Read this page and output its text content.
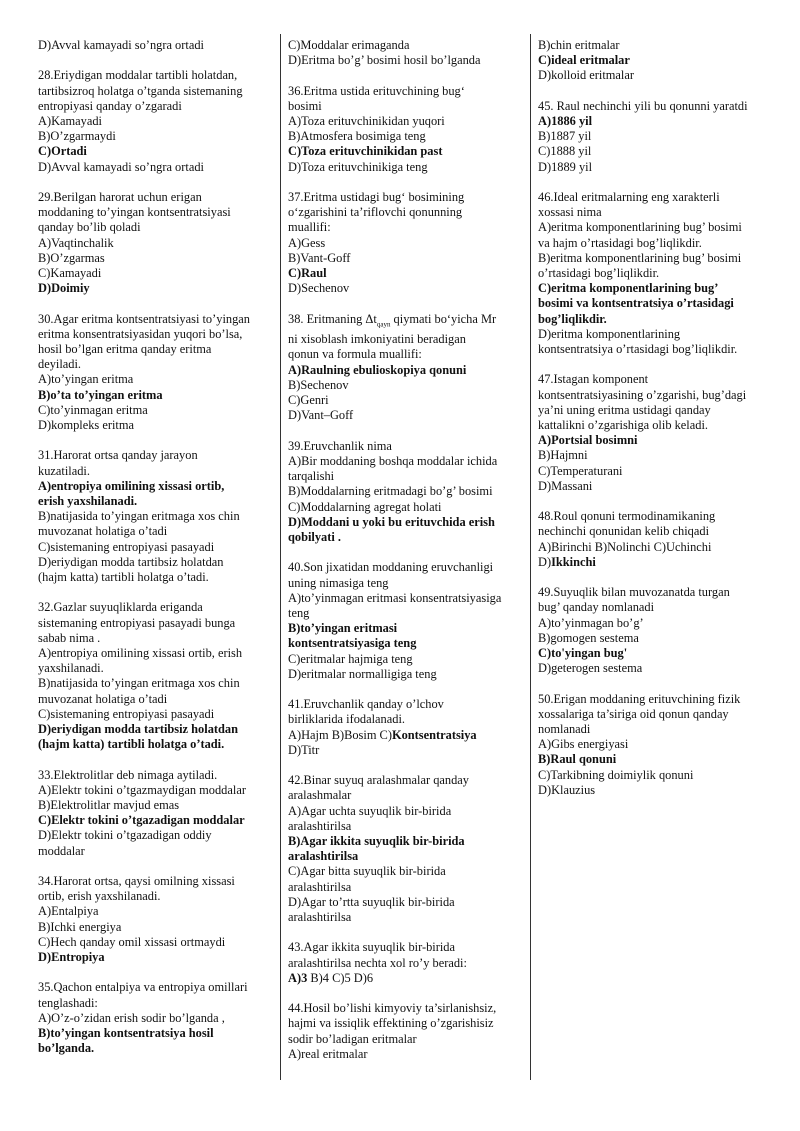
D)Avval kamayadi so’ngra ortadi
28.Eriydigan moddalar tartibli holatdan,
tartibsizroq holatga o’tganda sistemaning
entropiyasi qanday o’zgaradi
A)Kamayadi
B)O’zgarmaydi
C)Ortadi
D)Avval kamayadi so’ngra ortadi
29.Berilgan harorat uchun erigan
moddaning to’yingan kontsentratsiyasi
qanday bo’lib qoladi
A)Vaqtinchalik
B)O’zgarmas
C)Kamayadi
D)Doimiy
30.Agar eritma kontsentratsiyasi to’yingan
eritma konsentratsiyasidan yuqori bo’lsa,
hosil bo’lgan eritma qanday eritma
deyiladi.
A)to’yingan eritma
B)o’ta to’yingan eritma
C)to’yinmagan eritma
D)kompleks eritma
31.Harorat ortsa qanday jarayon
kuzatiladi.
A)entropiya omilining xissasi ortib,
erish yaxshilanadi.
B)natijasida to’yingan eritmaga xos chin
muvozanat holatiga o’tadi
C)sistemaning entropiyasi pasayadi
D)eriydigan modda tartibsiz holatdan
(hajm katta) tartibli holatga o’tadi.
32.Gazlar suyuqliklarda eriganda
sistemaning entropiyasi pasayadi bunga
sabab nima .
A)entropiya omilining xissasi ortib, erish
yaxshilanadi.
B)natijasida to’yingan eritmaga xos chin
muvozanat holatiga o’tadi
C)sistemaning entropiyasi pasayadi
D)eriydigan modda tartibsiz holatdan
(hajm katta) tartibli holatga o’tadi.
33.Elektrolitlar deb nimaga aytiladi.
A)Elektr tokini o’tgazmaydigan moddalar
B)Elektrolitlar mavjud emas
C)Elektr tokini o’tgazadigan moddalar
D)Elektr tokini o’tgazadigan oddiy
moddalar
34.Harorat ortsa, qaysi omilning xissasi
ortib, erish yaxshilanadi.
A)Entalpiya
B)Ichki energiya
C)Hech qanday omil xissasi ortmaydi
D)Entropiya
35.Qachon entalpiya va entropiya omillari
tenglashadi:
A)O’z-o’zidan erish sodir bo’lganda ,
B)to’yingan kontsentratsiya hosil
bo’lganda.
C)Moddalar erimaganda
D)Eritma bo’g’ bosimi hosil bo’lganda
36.Eritma ustida erituvchining bug‘
bosimi
A)Toza erituvchinikidan yuqori
B)Atmosfera bosimiga teng
C)Toza erituvchinikidan past
D)Toza erituvchinikiga teng
37.Eritma ustidagi bug‘ bosimining
o‘zgarishini ta’riflovchi qonunning
muallifi:
A)Gess
B)Vant-Goff
C)Raul
D)Sechenov
38. Eritmaning $\Delta t_{qayn}$ qiymati bo‘yicha Mr
ni xisoblash imkoniyatini beradigan
qonun va formula muallifi:
A)Raulning ebulioskopiya qonuni
B)Sechenov
C)Genri
D)Vant–Goff
39.Eruvchanlik nima
A)Bir moddaning boshqa moddalar ichida
tarqalishi
B)Moddalarning eritmadagi bo’g’ bosimi
C)Moddalarning agregat holati
D)Moddani u yoki bu erituvchida erish
qobilyati .
40.Son jixatidan moddaning eruvchanligi
uning nimasiga teng
A)to’yinmagan eritmasi konsentratsiyasiga
teng
B)to’yingan eritmasi
kontsentratsiyasiga teng
C)eritmalar hajmiga teng
D)eritmalar normalligiga teng
41.Eruvchanlik qanday o’lchov
birliklarida ifodalanadi.
A)Hajm B)Bosim C)Kontsentratsiya
D)Titr
42.Binar suyuq aralashmalar qanday
aralashmalar
A)Agar uchta suyuqlik bir-birida
aralashtirilsa
B)Agar ikkita suyuqlik bir-birida
aralashtirilsa
C)Agar bitta suyuqlik bir-birida
aralashtirilsa
D)Agar to’rtta suyuqlik bir-birida
aralashtirilsa
43.Agar ikkita suyuqlik bir-birida
aralashtirilsa nechta xol ro’y beradi:
A)3 B)4 C)5 D)6
44.Hosil bo’lishi kimyoviy ta’sirlanishsiz,
hajmi va issiqlik effektining o’zgarishisiz
sodir bo’ladigan eritmalar
A)real eritmalar
B)chin eritmalar
C)ideal eritmalar
D)kolloid eritmalar
45. Raul nechinchi yili bu qonunni yaratdi
A)1886 yil
B)1887 yil
C)1888 yil
D)1889 yil
46.Ideal eritmalarning eng xarakterli
xossasi nima
A)eritma komponentlarining bug’ bosimi
va hajm o’rtasidagi bog’liqlikdir.
B)eritma komponentlarining bug’ bosimi
o’rtasidagi bog’liqlikdir.
C)eritma komponentlarining bug’
bosimi va kontsentratsiya o’rtasidagi
bog’liqlikdir.
D)eritma komponentlarining
kontsentratsiya o’rtasidagi bog’liqlikdir.
47.Istagan komponent
kontsentratsiyasining o’zgarishi, bug’dagi
ya’ni uning eritma ustidagi qanday
kattalikni o’zgarishiga olib keladi.
A)Portsial bosimni
B)Hajmni
C)Temperaturani
D)Massani
48.Roul qonuni termodinamikaning
nechinchi qonunidan kelib chiqadi
A)Birinchi B)Nolinchi C)Uchinchi
D)Ikkinchi
49.Suyuqlik bilan muvozanatda turgan
bug’ qanday nomlanadi
A)to’yinmagan bo’g’
B)gomogen sestema
C)to'yingan bug'
D)geterogen sestema
50.Erigan moddaning erituvchining fizik
xossalariga ta’siriga oid qonun qanday
nomlanadi
A)Gibs energiyasi
B)Raul qonuni
C)Tarkibning doimiylik qonuni
D)Klauzius
